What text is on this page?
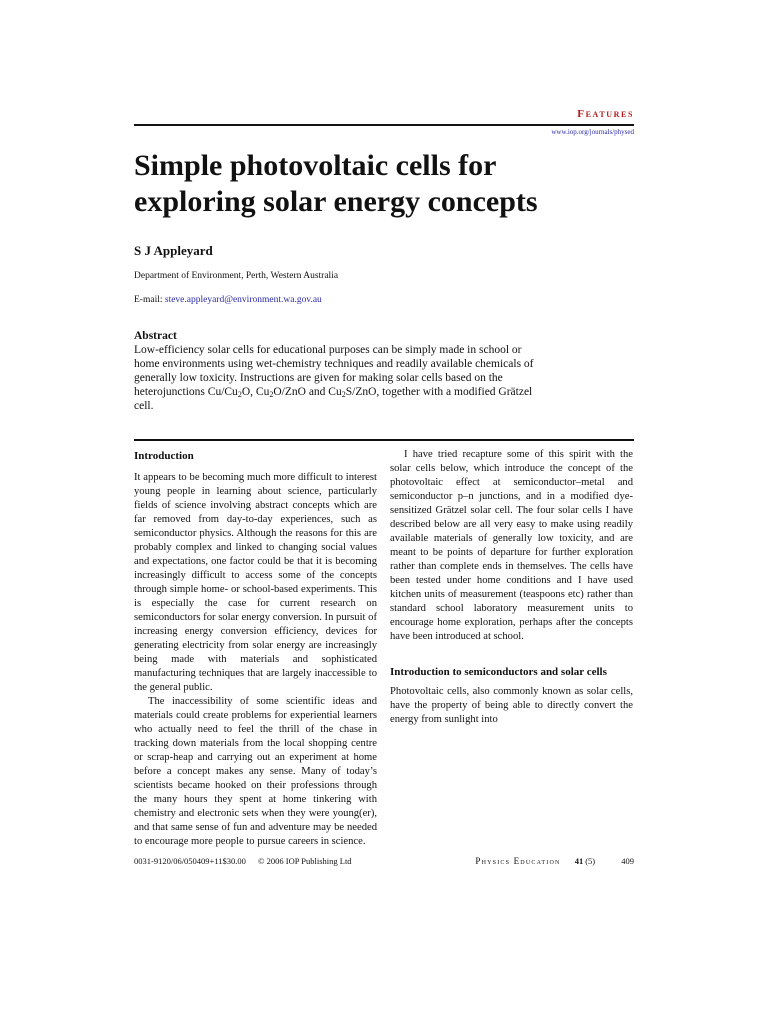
Features
www.iop.org/journals/physed
Simple photovoltaic cells for
exploring solar energy concepts

S J Appleyard

Department of Environment, Perth, Western Australia
E-mail: steve.appleyard@environment.wa.gov.au
Abstract
Low-efficiency solar cells for educational purposes can be simply made in school or home environments using wet-chemistry techniques and readily available chemicals of generally low toxicity. Instructions are given for making solar cells based on the heterojunctions $Cu/Cu_2O$, $Cu_2O$/ZnO and $Cu_2S$/ZnO, together with a modified Grätzel cell.
Introduction

It appears to be becoming much more difficult to interest young people in learning about science, particularly fields of science involving abstract concepts which are far removed from day-to-day experiences, such as semiconductor physics. Although the reasons for this are probably complex and linked to changing social values and expectations, one factor could be that it is becoming increasingly difficult to access some of the concepts through simple home- or school-based experiments. This is especially the case for current research on semiconductors for solar energy conversion. In pursuit of increasing energy conversion efficiency, devices for generating electricity from solar energy are increasingly being made with materials and sophisticated manufacturing techniques that are largely inaccessible to the general public.

The inaccessibility of some scientific ideas and materials could create problems for experiential learners who actually need to feel the thrill of the chase in tracking down materials from the local shopping centre or scrap-heap and carrying out an experiment at home before a concept makes any sense. Many of today’s scientists became hooked on their professions through the many hours they spent at home tinkering with chemistry and electronic sets when they were young(er), and that same sense of fun and adventure may be needed to encourage more people to pursue careers in science.

I have tried recapture some of this spirit with the solar cells below, which introduce the concept of the photovoltaic effect at semiconductor–metal and semiconductor p–n junctions, and in a modified dye-sensitized Grätzel solar cell. The four solar cells I have described below are all very easy to make using readily available materials of generally low toxicity, and are meant to be points of departure for further exploration rather than complete ends in themselves. The cells have been tested under home conditions and I have used kitchen units of measurement (teaspoons etc) rather than standard school laboratory measurement units to encourage home exploration, perhaps after the concepts have been introduced at school.

Introduction to semiconductors and solar cells

Photovoltaic cells, also commonly known as solar cells, have the property of being able to directly convert the energy from sunlight into

0031-9120/06/050409+11$30.00 © 2006 IOP Publishing Ltd	Physics Education 41 (5)	409
